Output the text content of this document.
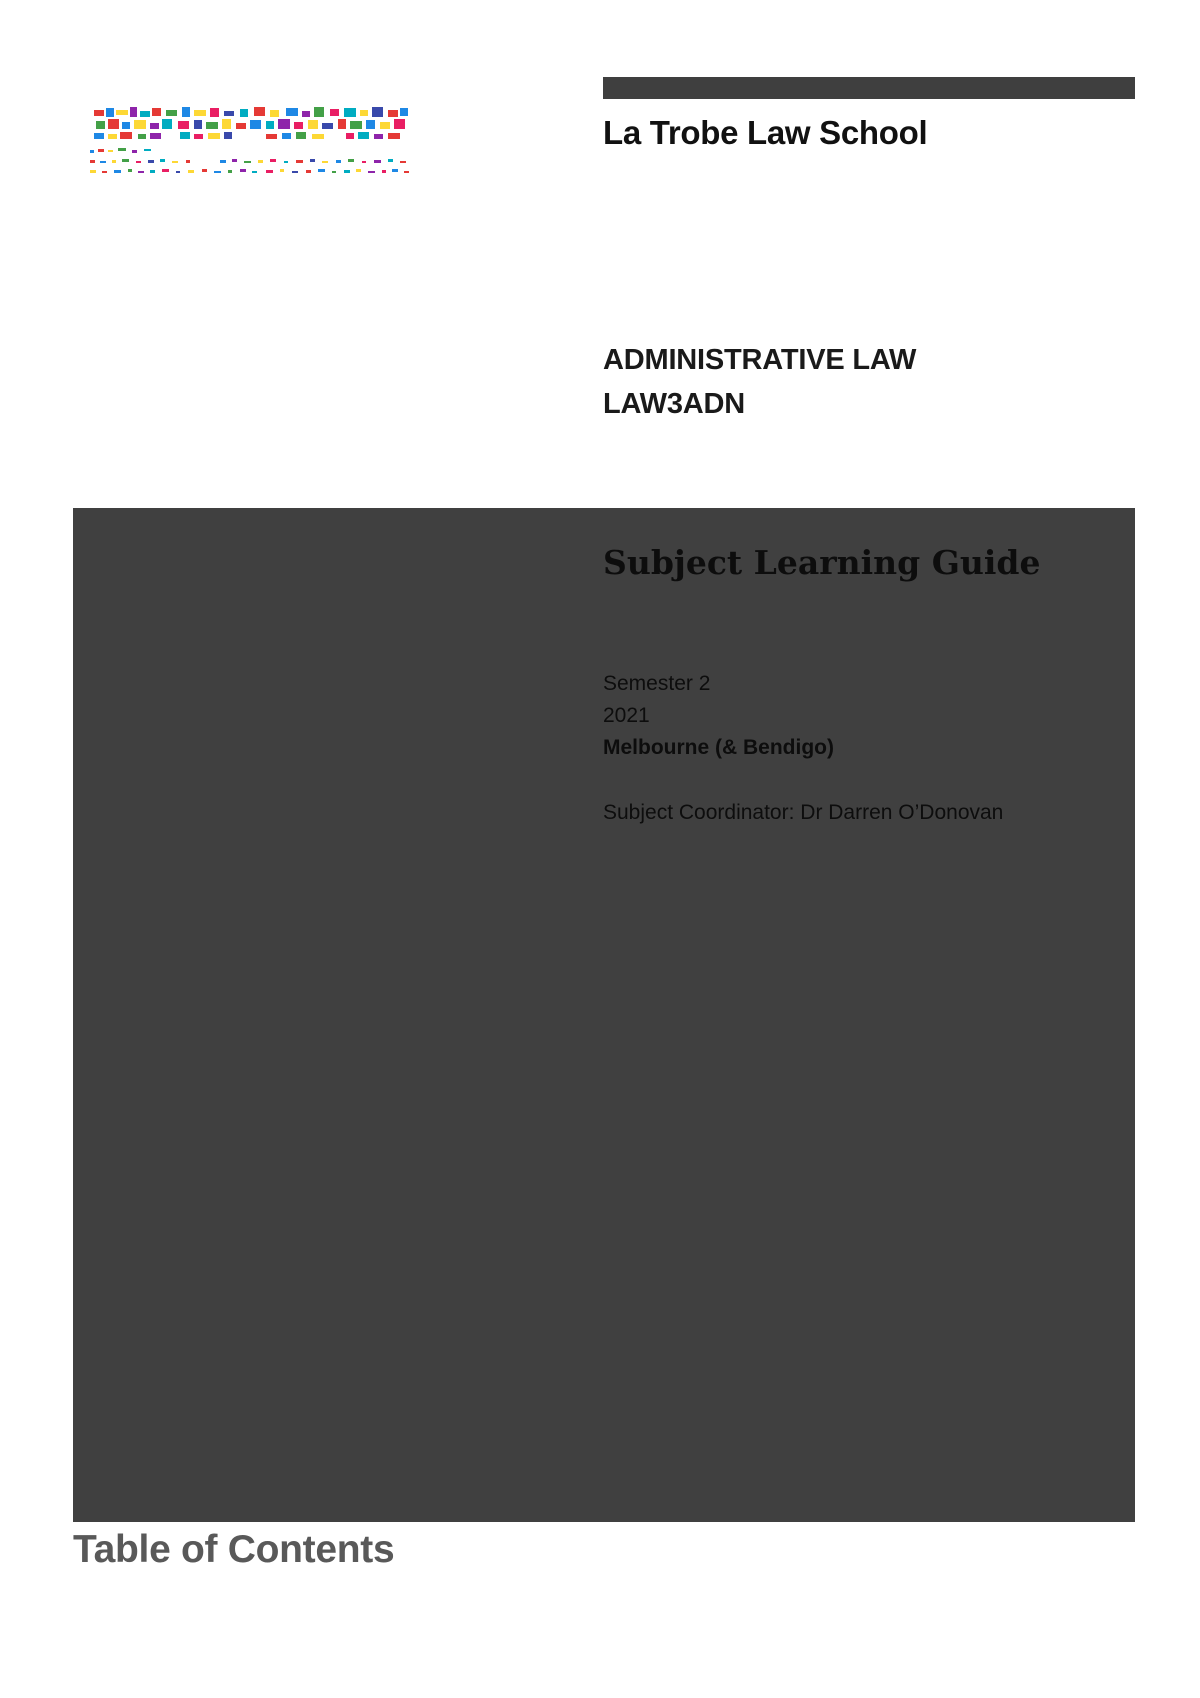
La Trobe Law School
ADMINISTRATIVE LAW
LAW3ADN
Subject Learning Guide
Semester 2
2021
Melbourne (& Bendigo)
Subject Coordinator: Dr Darren O’Donovan
Table of Contents
